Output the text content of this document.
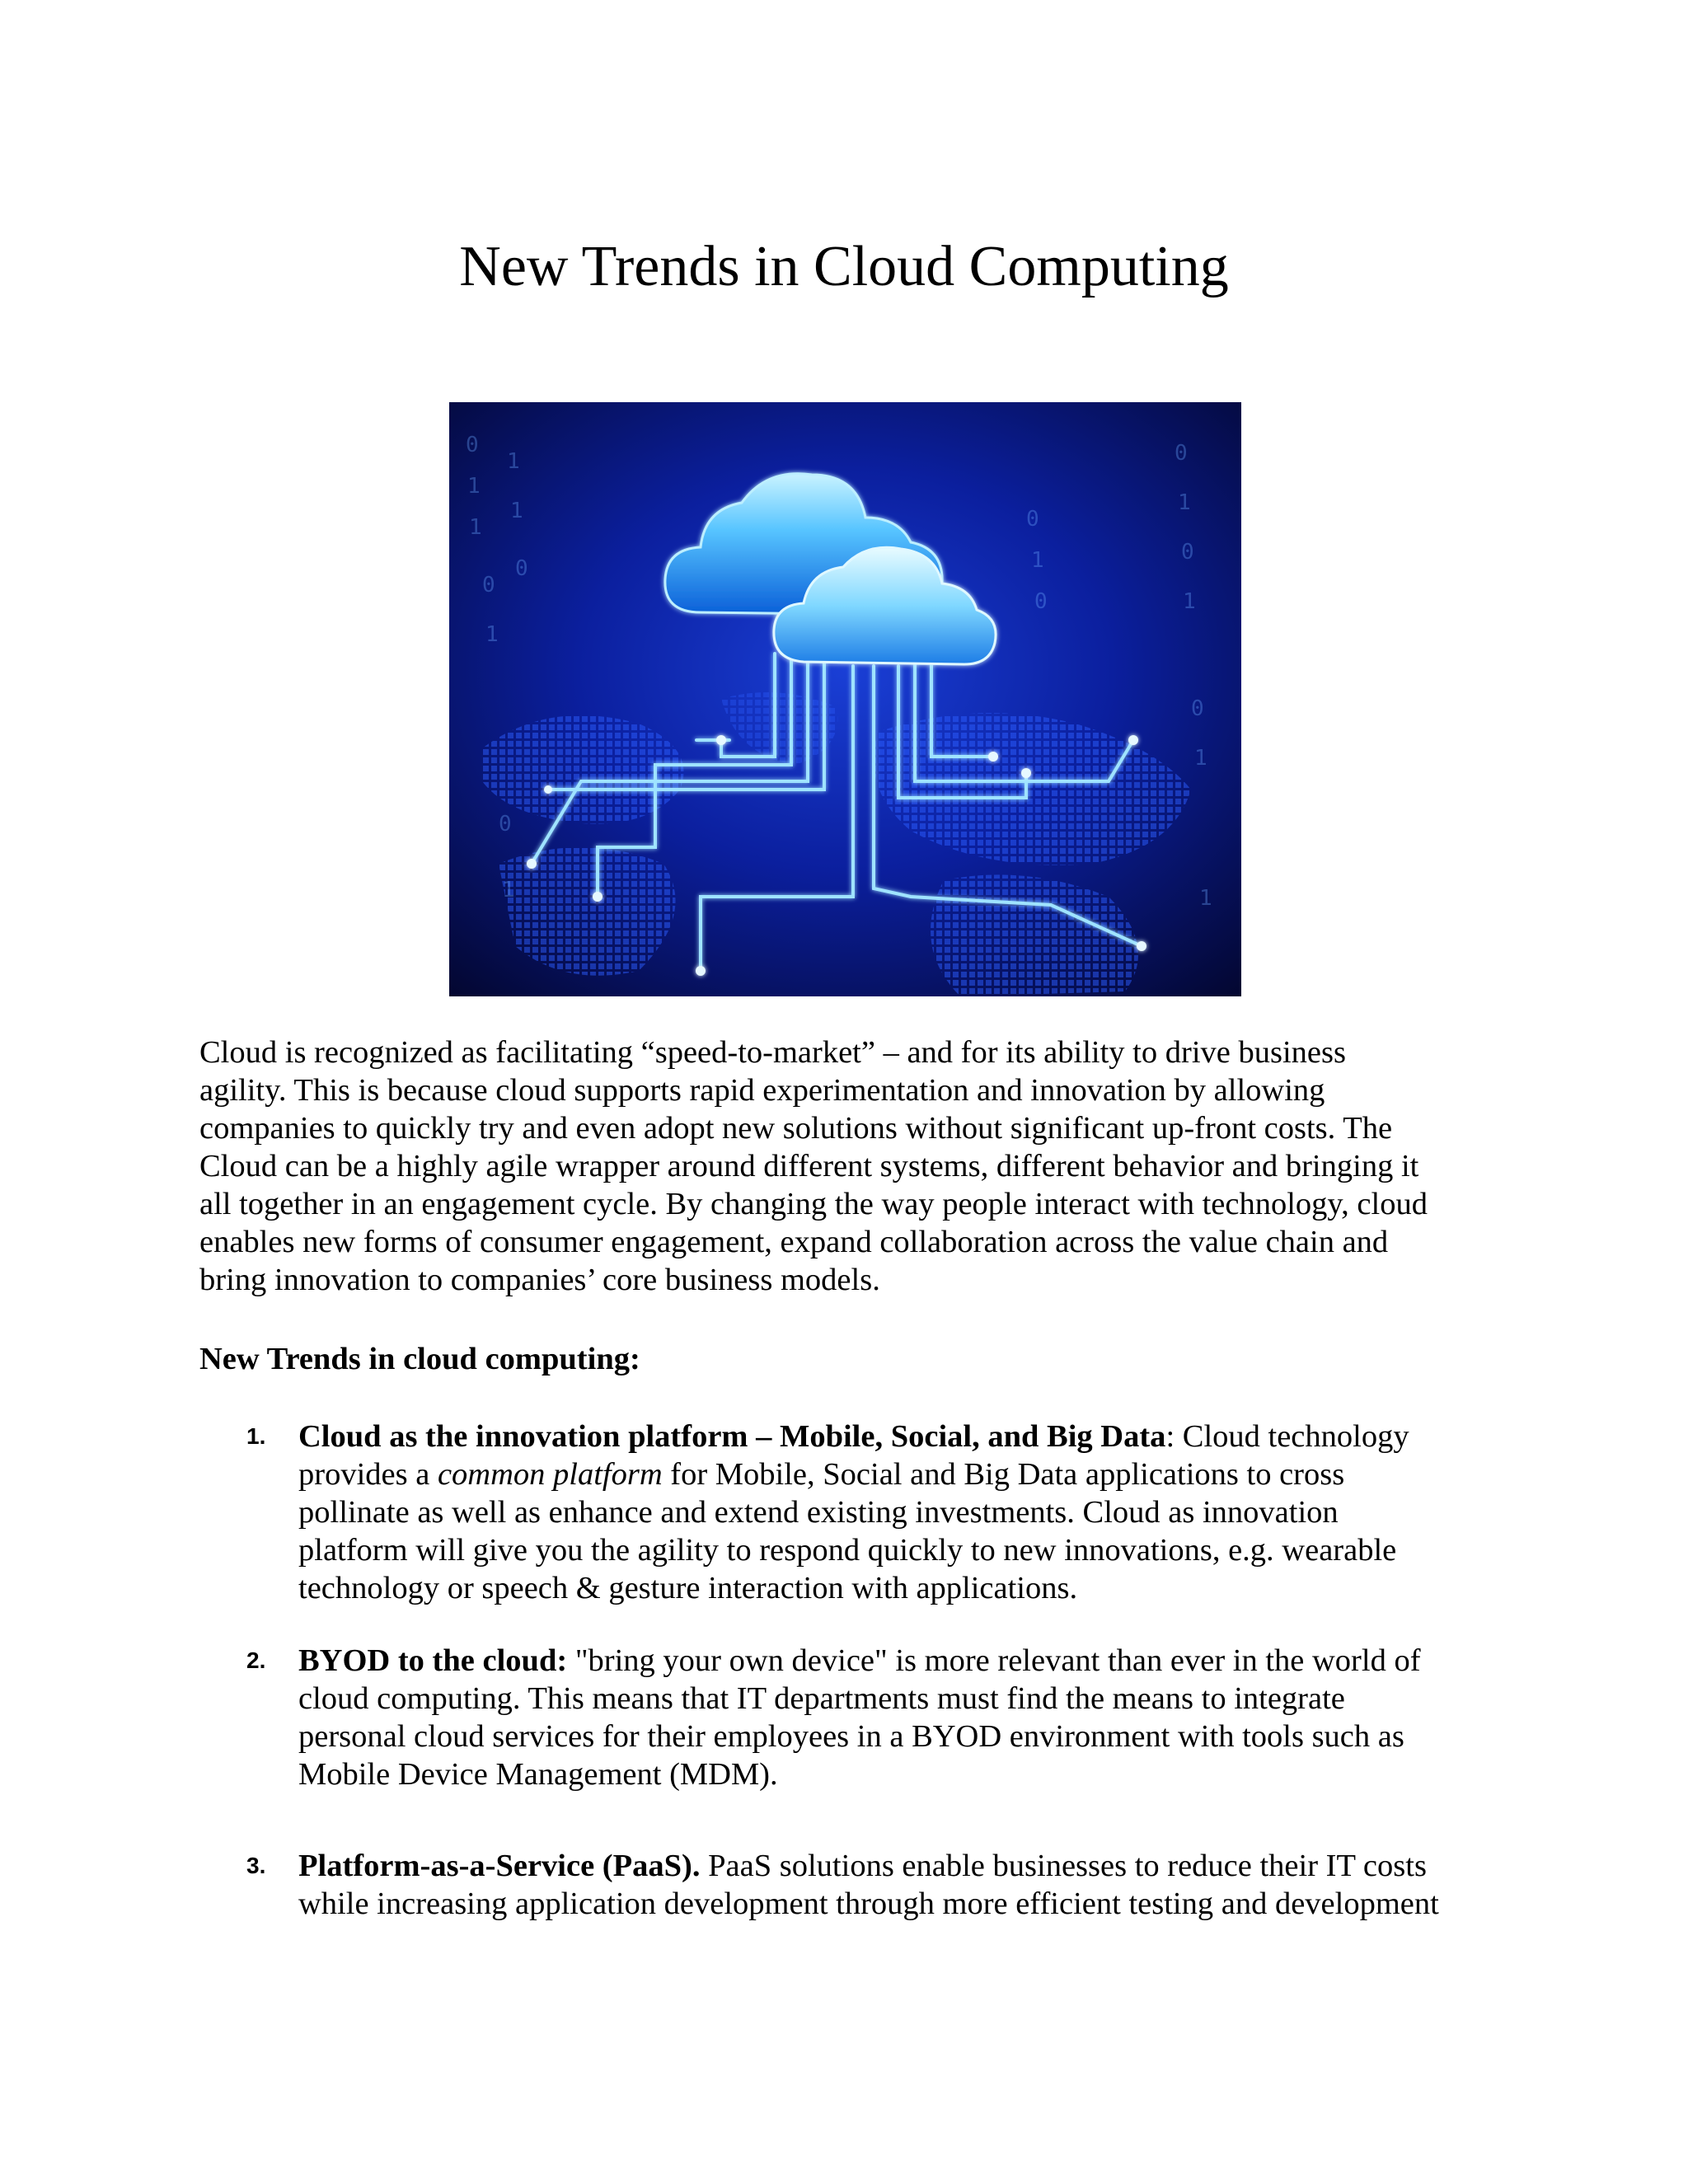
New Trends in Cloud Computing
0
1
1
0
1
1
1
0
0
1
0
1
0
1
1
0
1
0
0
1
Cloud is recognized as facilitating “speed-to-market” – and for its ability to drive business
agility. This is because cloud supports rapid experimentation and innovation by allowing
companies to quickly try and even adopt new solutions without significant up-front costs. The
Cloud can be a highly agile wrapper around different systems, different behavior and bringing it
all together in an engagement cycle. By changing the way people interact with technology, cloud
enables new forms of consumer engagement, expand collaboration across the value chain and
bring innovation to companies’ core business models.
New Trends in cloud computing:
1. Cloud as the innovation platform – Mobile, Social, and Big Data: Cloud technology
provides a common platform for Mobile, Social and Big Data applications to cross
pollinate as well as enhance and extend existing investments. Cloud as innovation
platform will give you the agility to respond quickly to new innovations, e.g. wearable
technology or speech & gesture interaction with applications.
2. BYOD to the cloud: "bring your own device" is more relevant than ever in the world of
cloud computing. This means that IT departments must find the means to integrate
personal cloud services for their employees in a BYOD environment with tools such as
Mobile Device Management (MDM).
3. Platform-as-a-Service (PaaS). PaaS solutions enable businesses to reduce their IT costs
while increasing application development through more efficient testing and development
